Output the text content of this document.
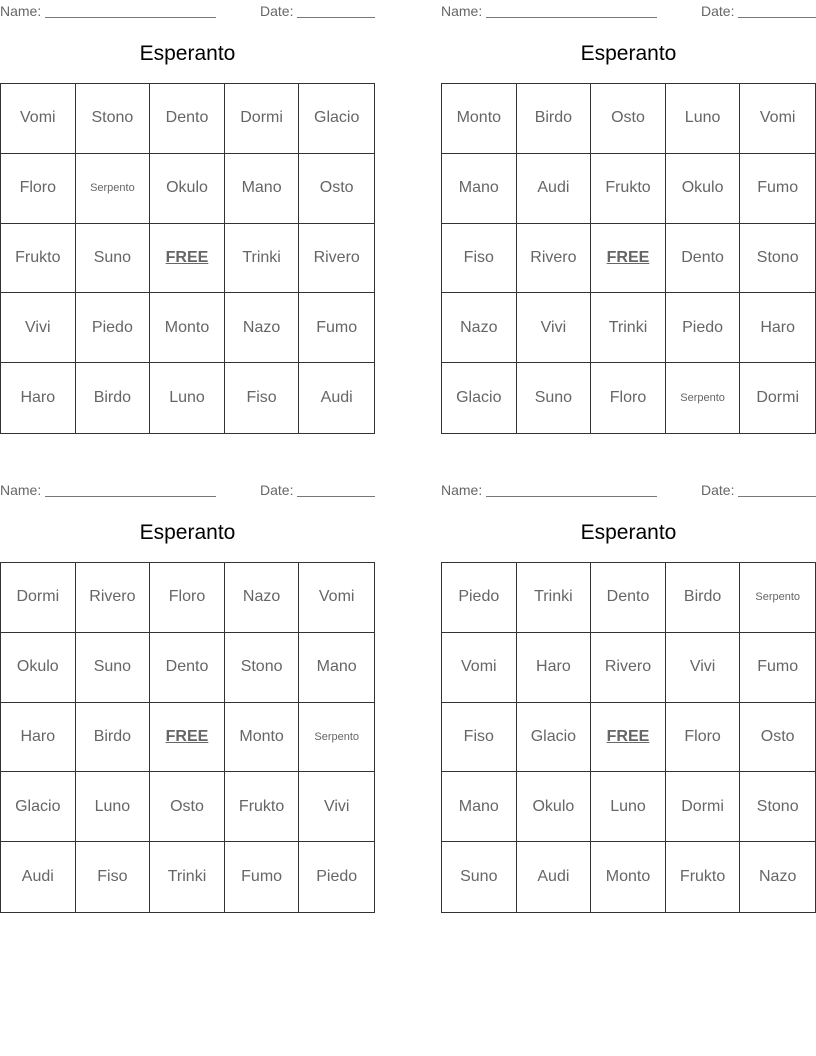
Name:	Date:
Esperanto
Vomi	Stono	Dento	Dormi	Glacio
Floro	Serpento	Okulo	Mano	Osto
Frukto	Suno	FREE	Trinki	Rivero
Vivi	Piedo	Monto	Nazo	Fumo
Haro	Birdo	Luno	Fiso	Audi
Name:	Date:
Esperanto
Monto	Birdo	Osto	Luno	Vomi
Mano	Audi	Frukto	Okulo	Fumo
Fiso	Rivero	FREE	Dento	Stono
Nazo	Vivi	Trinki	Piedo	Haro
Glacio	Suno	Floro	Serpento	Dormi
Name:	Date:
Esperanto
Dormi	Rivero	Floro	Nazo	Vomi
Okulo	Suno	Dento	Stono	Mano
Haro	Birdo	FREE	Monto	Serpento
Glacio	Luno	Osto	Frukto	Vivi
Audi	Fiso	Trinki	Fumo	Piedo
Name:	Date:
Esperanto
Piedo	Trinki	Dento	Birdo	Serpento
Vomi	Haro	Rivero	Vivi	Fumo
Fiso	Glacio	FREE	Floro	Osto
Mano	Okulo	Luno	Dormi	Stono
Suno	Audi	Monto	Frukto	Nazo
